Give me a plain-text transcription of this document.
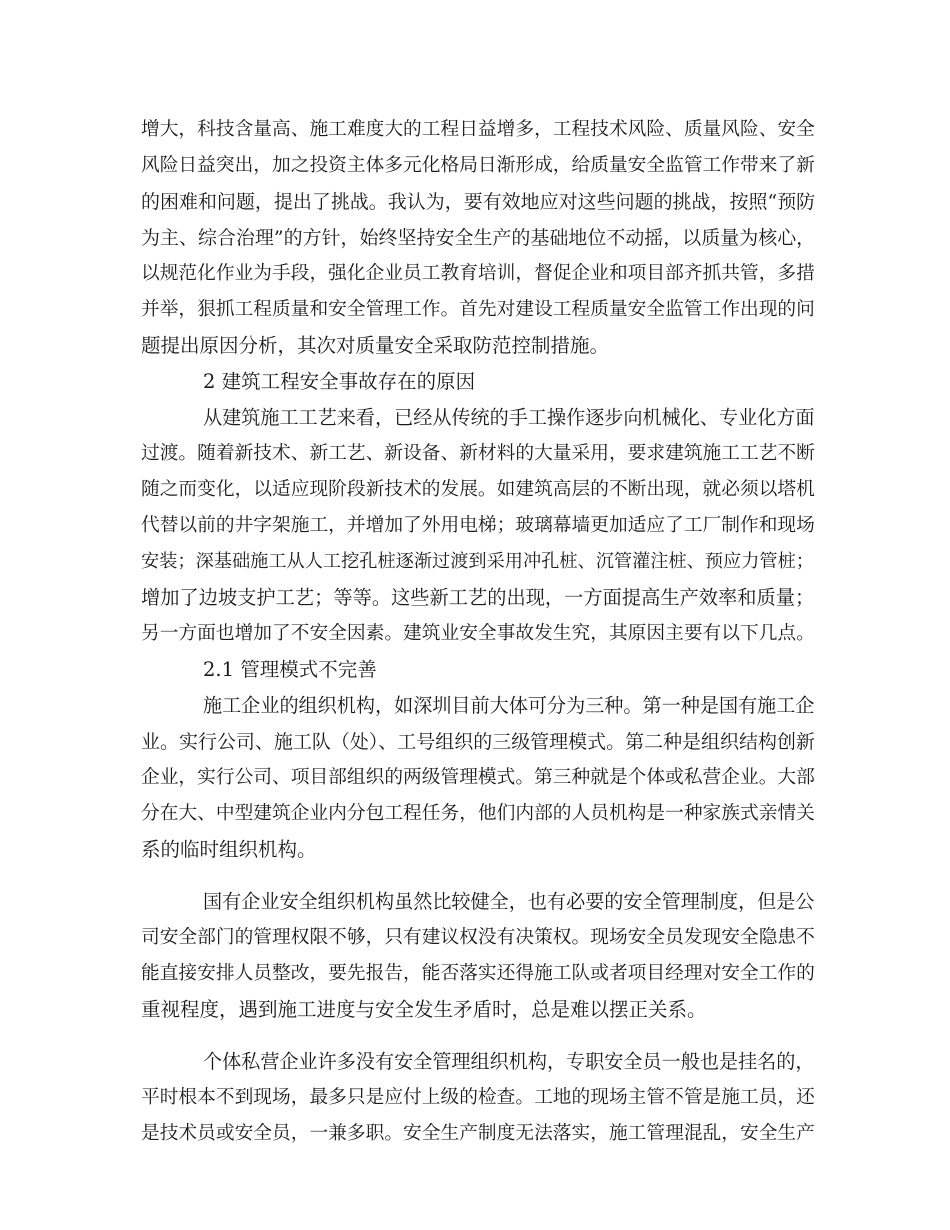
增大，科技含量高、施工难度大的工程日益增多，工程技术风险、质量风险、安全
风险日益突出，加之投资主体多元化格局日渐形成，给质量安全监管工作带来了新
的困难和问题，提出了挑战。我认为，要有效地应对这些问题的挑战，按照“预防
为主、综合治理”的方针，始终坚持安全生产的基础地位不动摇，以质量为核心，
以规范化作业为手段，强化企业员工教育培训，督促企业和项目部齐抓共管，多措
并举，狠抓工程质量和安全管理工作。首先对建设工程质量安全监管工作出现的问
题提出原因分析，其次对质量安全采取防范控制措施。
2 建筑工程安全事故存在的原因
从建筑施工工艺来看，已经从传统的手工操作逐步向机械化、专业化方面
过渡。随着新技术、新工艺、新设备、新材料的大量采用，要求建筑施工工艺不断
随之而变化，以适应现阶段新技术的发展。如建筑高层的不断出现，就必须以塔机
代替以前的井字架施工，并增加了外用电梯；玻璃幕墙更加适应了工厂制作和现场
安装；深基础施工从人工挖孔桩逐渐过渡到采用冲孔桩、沉管灌注桩、预应力管桩；
增加了边坡支护工艺；等等。这些新工艺的出现，一方面提高生产效率和质量；
另一方面也增加了不安全因素。建筑业安全事故发生究，其原因主要有以下几点。
2.1 管理模式不完善
施工企业的组织机构，如深圳目前大体可分为三种。第一种是国有施工企
业。实行公司、施工队（处）、工号组织的三级管理模式。第二种是组织结构创新
企业，实行公司、项目部组织的两级管理模式。第三种就是个体或私营企业。大部
分在大、中型建筑企业内分包工程任务，他们内部的人员机构是一种家族式亲情关
系的临时组织机构。
国有企业安全组织机构虽然比较健全，也有必要的安全管理制度，但是公
司安全部门的管理权限不够，只有建议权没有决策权。现场安全员发现安全隐患不
能直接安排人员整改，要先报告，能否落实还得施工队或者项目经理对安全工作的
重视程度，遇到施工进度与安全发生矛盾时，总是难以摆正关系。
个体私营企业许多没有安全管理组织机构，专职安全员一般也是挂名的，
平时根本不到现场，最多只是应付上级的检查。工地的现场主管不管是施工员，还
是技术员或安全员，一兼多职。安全生产制度无法落实，施工管理混乱，安全生产
